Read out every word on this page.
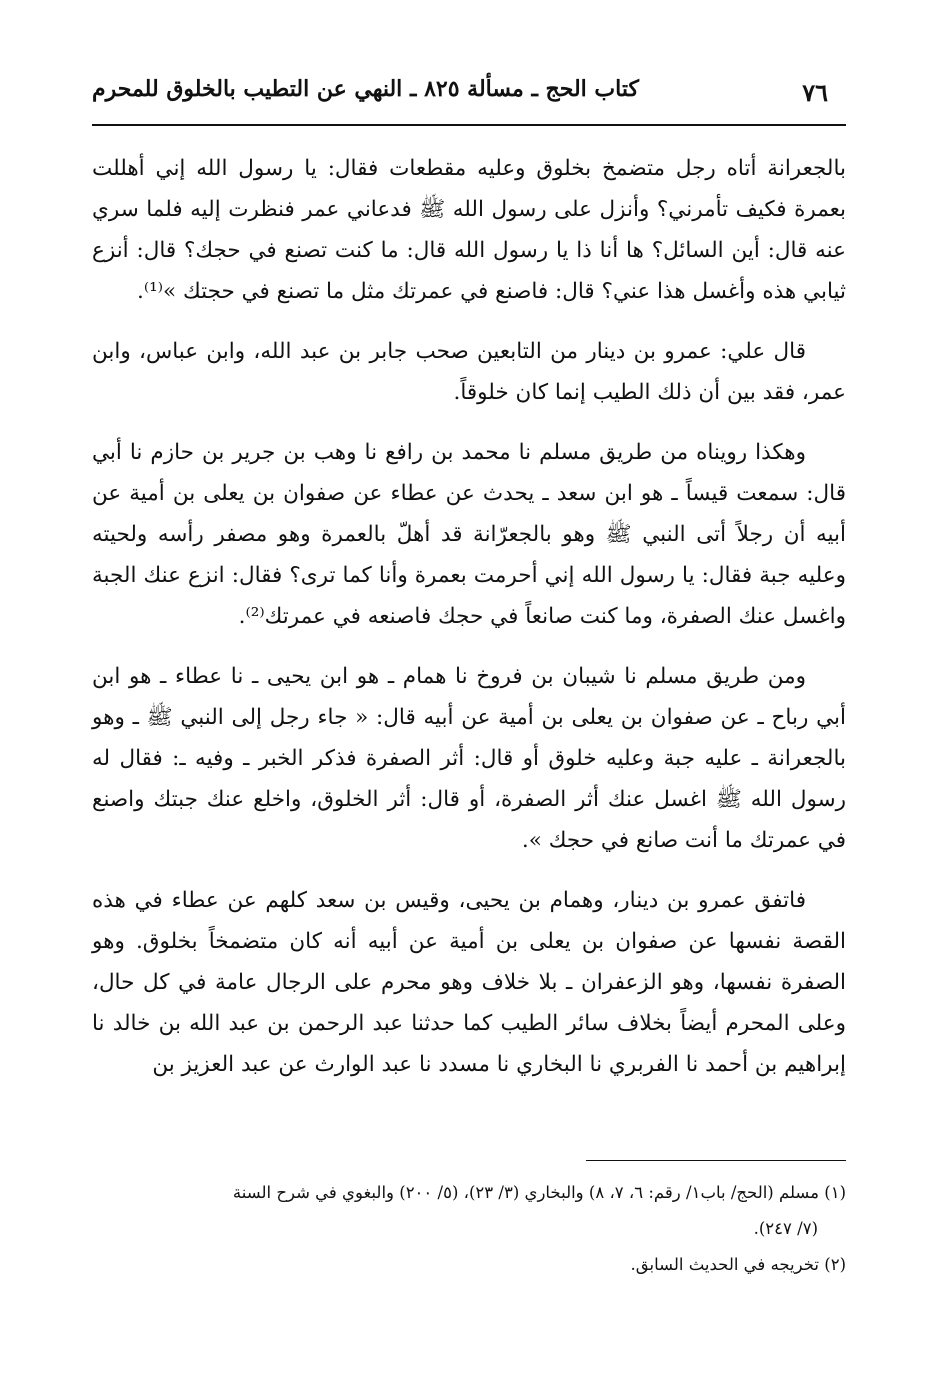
٧٦
كتاب الحج ـ مسألة ٨٢٥ ـ النهي عن التطيب بالخلوق للمحرم

بالجعرانة أتاه رجل متضمخ بخلوق وعليه مقطعات فقال: يا رسول الله إني أهللت بعمرة فكيف تأمرني؟ وأنزل على رسول الله ﷺ فدعاني عمر فنظرت إليه فلما سري عنه قال: أين السائل؟ ها أنا ذا يا رسول الله قال: ما كنت تصنع في حجك؟ قال: أنزع ثيابي هذه وأغسل هذا عني؟ قال: فاصنع في عمرتك مثل ما تصنع في حجتك »⁽¹⁾.

قال علي: عمرو بن دينار من التابعين صحب جابر بن عبد الله، وابن عباس، وابن عمر، فقد بين أن ذلك الطيب إنما كان خلوقاً.

وهكذا رويناه من طريق مسلم نا محمد بن رافع نا وهب بن جرير بن حازم نا أبي قال: سمعت قيساً ـ هو ابن سعد ـ يحدث عن عطاء عن صفوان بن يعلى بن أمية عن أبيه أن رجلاً أتى النبي ﷺ وهو بالجعرّانة قد أهلّ بالعمرة وهو مصفر رأسه ولحيته وعليه جبة فقال: يا رسول الله إني أحرمت بعمرة وأنا كما ترى؟ فقال: انزع عنك الجبة واغسل عنك الصفرة، وما كنت صانعاً في حجك فاصنعه في عمرتك⁽²⁾.

ومن طريق مسلم نا شيبان بن فروخ نا همام ـ هو ابن يحيى ـ نا عطاء ـ هو ابن أبي رباح ـ عن صفوان بن يعلى بن أمية عن أبيه قال: « جاء رجل إلى النبي ﷺ ـ وهو بالجعرانة ـ عليه جبة وعليه خلوق أو قال: أثر الصفرة فذكر الخبر ـ وفيه ـ: فقال له رسول الله ﷺ اغسل عنك أثر الصفرة، أو قال: أثر الخلوق، واخلع عنك جبتك واصنع في عمرتك ما أنت صانع في حجك ».

فاتفق عمرو بن دينار، وهمام بن يحيى، وقيس بن سعد كلهم عن عطاء في هذه القصة نفسها عن صفوان بن يعلى بن أمية عن أبيه أنه كان متضمخاً بخلوق. وهو الصفرة نفسها، وهو الزعفران ـ بلا خلاف وهو محرم على الرجال عامة في كل حال، وعلى المحرم أيضاً بخلاف سائر الطيب كما حدثنا عبد الرحمن بن عبد الله بن خالد نا إبراهيم بن أحمد نا الفربري نا البخاري نا مسدد نا عبد الوارث عن عبد العزيز بن

(١) مسلم (الحج/ باب١/ رقم: ٦، ٧، ٨) والبخاري (٣/ ٢٣)، (٥/ ٢٠٠) والبغوي في شرح السنة

(٧/ ٢٤٧).

(٢) تخريجه في الحديث السابق.
